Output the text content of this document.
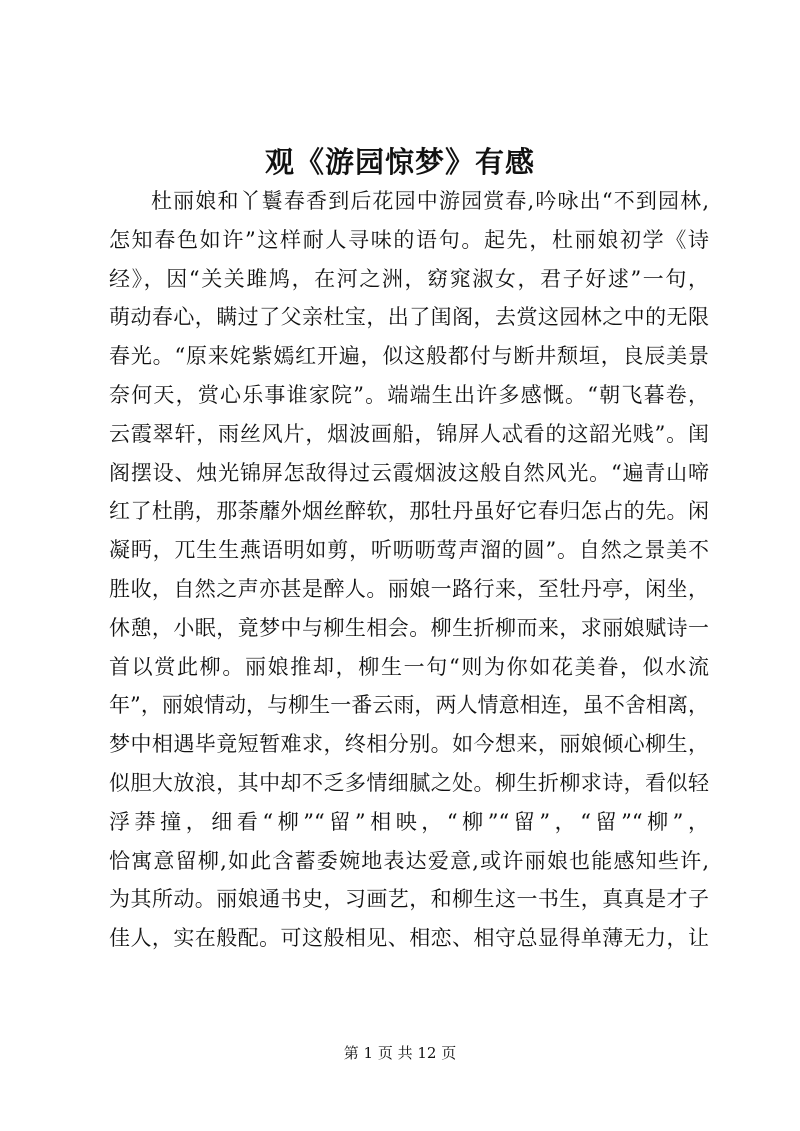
观《游园惊梦》有感
杜丽娘和丫鬟春香到后花园中游园赏春,吟咏出“不到园林,
怎知春色如许”这样耐人寻味的语句。起先，杜丽娘初学《诗
经》，因“关关雎鸠，在河之洲，窈窕淑女，君子好逑”一句，
萌动春心，瞒过了父亲杜宝，出了闺阁，去赏这园林之中的无限
春光。“原来姹紫嫣红开遍，似这般都付与断井颓垣，良辰美景
奈何天，赏心乐事谁家院”。端端生出许多感慨。“朝飞暮卷，
云霞翠轩，雨丝风片，烟波画船，锦屏人忒看的这韶光贱”。闺
阁摆设、烛光锦屏怎敌得过云霞烟波这般自然风光。“遍青山啼
红了杜鹃，那荼蘼外烟丝醉软，那牡丹虽好它春归怎占的先。闲
凝眄，兀生生燕语明如剪，听呖呖莺声溜的圆”。自然之景美不
胜收，自然之声亦甚是醉人。丽娘一路行来，至牡丹亭，闲坐，
休憩，小眠，竟梦中与柳生相会。柳生折柳而来，求丽娘赋诗一
首以赏此柳。丽娘推却，柳生一句“则为你如花美眷，似水流
年”，丽娘情动，与柳生一番云雨，两人情意相连，虽不舍相离，
梦中相遇毕竟短暂难求，终相分别。如今想来，丽娘倾心柳生，
似胆大放浪，其中却不乏多情细腻之处。柳生折柳求诗，看似轻
浮莽撞，细看“柳”“留”相映，“柳”“留”，“留”“柳”，
恰寓意留柳,如此含蓄委婉地表达爱意,或许丽娘也能感知些许,
为其所动。丽娘通书史，习画艺，和柳生这一书生，真真是才子
佳人，实在般配。可这般相见、相恋、相守总显得单薄无力，让

第 1 页 共 12 页
